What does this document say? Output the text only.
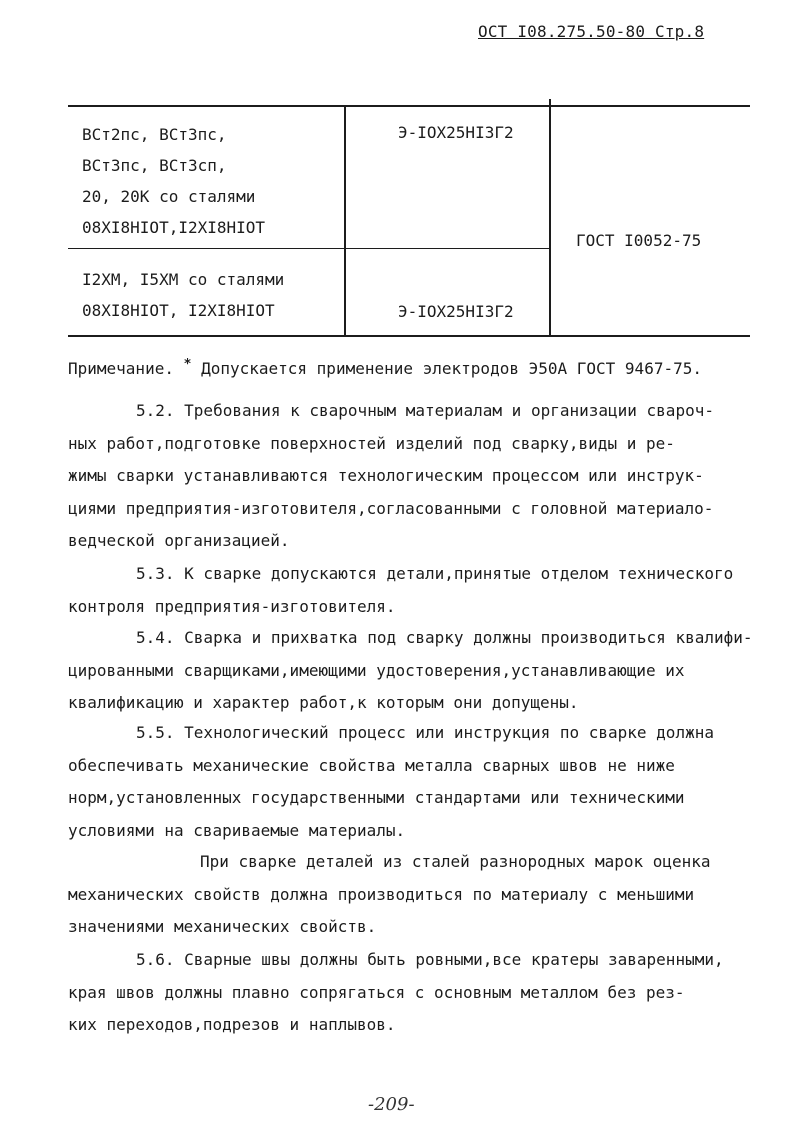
ОСТ I08.275.50-80 Стр.8
ВСт2пс, ВСт3пс,
ВСт3пс, ВСт3сп,
20, 20К со сталями
08XI8HIOT,I2XI8HIOT
Э-IOX25HI3Г2
I2XM, I5XM со сталями
08XI8HIOT, I2XI8HIOT	Э-IOX25HI3Г2
ГОСТ I0052-75
Примечание. * Допускается применение электродов Э50А ГОСТ 9467-75.

5.2. Требования к сварочным материалам и организации свароч-

ных работ,подготовке поверхностей изделий под сварку,виды и ре-

жимы сварки устанавливаются технологическим процессом или инструк-

циями предприятия-изготовителя,согласованными с головной материало-

ведческой организацией.

5.3. К сварке допускаются детали,принятые отделом технического

контроля предприятия-изготовителя.

5.4. Сварка и прихватка под сварку должны производиться квалифи-

цированными сварщиками,имеющими удостоверения,устанавливающие их

квалификацию и характер работ,к которым они допущены.

5.5. Технологический процесс или инструкция по сварке должна

обеспечивать механические свойства металла сварных швов не ниже

норм,установленных государственными стандартами или техническими

условиями на свариваемые материалы.

При сварке деталей из сталей разнородных марок оценка

механических свойств должна производиться по материалу с меньшими

значениями механических свойств.

5.6. Сварные швы должны быть ровными,все кратеры заваренными,

края швов должны плавно сопрягаться с основным металлом без рез-

ких переходов,подрезов и наплывов.

-209-
